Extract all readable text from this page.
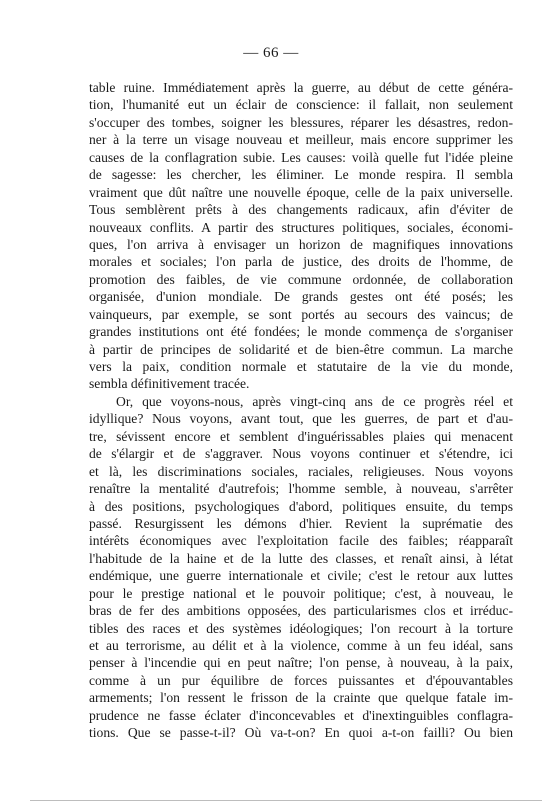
— 66 —
table ruine. Immédiatement après la guerre, au début de cette généra-
tion, l'humanité eut un éclair de conscience: il fallait, non seulement
s'occuper des tombes, soigner les blessures, réparer les désastres, redon-
ner à la terre un visage nouveau et meilleur, mais encore supprimer les
causes de la conflagration subie. Les causes: voilà quelle fut l'idée pleine
de sagesse: les chercher, les éliminer. Le monde respira. Il sembla
vraiment que dût naître une nouvelle époque, celle de la paix universelle.
Tous semblèrent prêts à des changements radicaux, afin d'éviter de
nouveaux conflits. A partir des structures politiques, sociales, économi-
ques, l'on arriva à envisager un horizon de magnifiques innovations
morales et sociales; l'on parla de justice, des droits de l'homme, de
promotion des faibles, de vie commune ordonnée, de collaboration
organisée, d'union mondiale. De grands gestes ont été posés; les
vainqueurs, par exemple, se sont portés au secours des vaincus; de
grandes institutions ont été fondées; le monde commença de s'organiser
à partir de principes de solidarité et de bien-être commun. La marche
vers la paix, condition normale et statutaire de la vie du monde,
sembla définitivement tracée.
Or, que voyons-nous, après vingt-cinq ans de ce progrès réel et
idyllique? Nous voyons, avant tout, que les guerres, de part et d'au-
tre, sévissent encore et semblent d'inguérissables plaies qui menacent
de s'élargir et de s'aggraver. Nous voyons continuer et s'étendre, ici
et là, les discriminations sociales, raciales, religieuses. Nous voyons
renaître la mentalité d'autrefois; l'homme semble, à nouveau, s'arrêter
à des positions, psychologiques d'abord, politiques ensuite, du temps
passé. Resurgissent les démons d'hier. Revient la suprématie des
intérêts économiques avec l'exploitation facile des faibles; réapparaît
l'habitude de la haine et de la lutte des classes, et renaît ainsi, à létat
endémique, une guerre internationale et civile; c'est le retour aux luttes
pour le prestige national et le pouvoir politique; c'est, à nouveau, le
bras de fer des ambitions opposées, des particularismes clos et irréduc-
tibles des races et des systèmes idéologiques; l'on recourt à la torture
et au terrorisme, au délit et à la violence, comme à un feu idéal, sans
penser à l'incendie qui en peut naître; l'on pense, à nouveau, à la paix,
comme à un pur équilibre de forces puissantes et d'épouvantables
armements; l'on ressent le frisson de la crainte que quelque fatale im-
prudence ne fasse éclater d'inconcevables et d'inextinguibles conflagra-
tions. Que se passe-t-il? Où va-t-on? En quoi a-t-on failli? Ou bien
